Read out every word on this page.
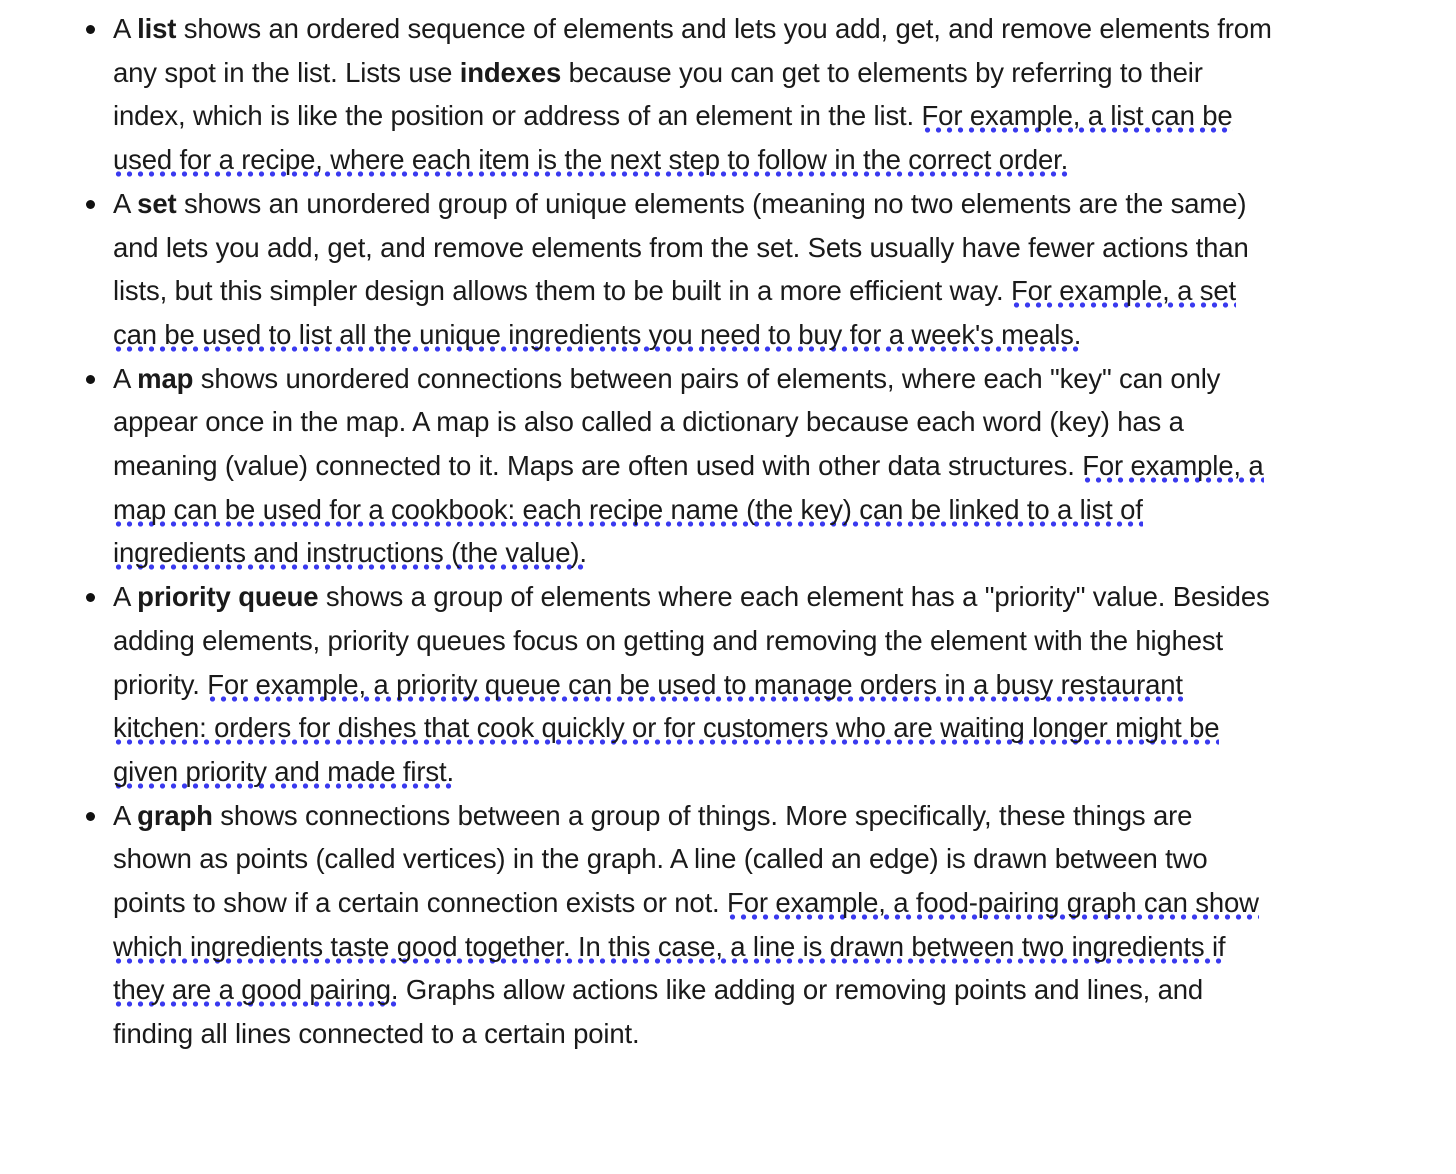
A list shows an ordered sequence of elements and lets you add, get, and remove elements from any spot in the list. Lists use indexes because you can get to elements by referring to their index, which is like the position or address of an element in the list. For example, a list can be used for a recipe, where each item is the next step to follow in the correct order.
A set shows an unordered group of unique elements (meaning no two elements are the same) and lets you add, get, and remove elements from the set. Sets usually have fewer actions than lists, but this simpler design allows them to be built in a more efficient way. For example, a set can be used to list all the unique ingredients you need to buy for a week's meals.
A map shows unordered connections between pairs of elements, where each "key" can only appear once in the map. A map is also called a dictionary because each word (key) has a meaning (value) connected to it. Maps are often used with other data structures. For example, a map can be used for a cookbook: each recipe name (the key) can be linked to a list of ingredients and instructions (the value).
A priority queue shows a group of elements where each element has a "priority" value. Besides adding elements, priority queues focus on getting and removing the element with the highest priority. For example, a priority queue can be used to manage orders in a busy restaurant kitchen: orders for dishes that cook quickly or for customers who are waiting longer might be given priority and made first.
A graph shows connections between a group of things. More specifically, these things are shown as points (called vertices) in the graph. A line (called an edge) is drawn between two points to show if a certain connection exists or not. For example, a food-pairing graph can show which ingredients taste good together. In this case, a line is drawn between two ingredients if they are a good pairing. Graphs allow actions like adding or removing points and lines, and finding all lines connected to a certain point.
